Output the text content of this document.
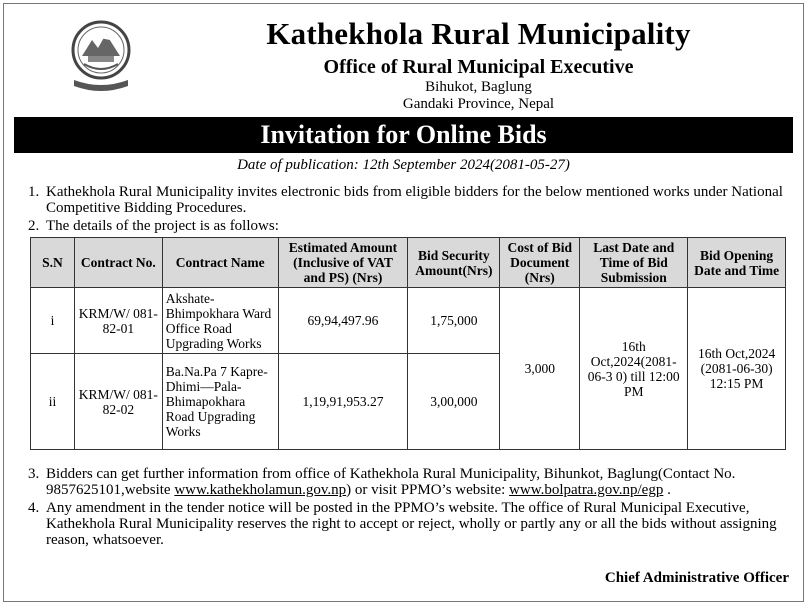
Kathekhola Rural Municipality
Office of Rural Municipal Executive
Bihukot, Baglung
Gandaki Province, Nepal
Invitation for Online Bids
Date of publication: 12th September 2024(2081-05-27)
1. Kathekhola Rural Municipality invites electronic bids from eligible bidders for the below mentioned works under National Competitive Bidding Procedures.
2. The details of the project is as follows:
S.N	Contract No.	Contract Name	Estimated Amount (Inclusive of VAT and PS) (Nrs)	Bid Security Amount(Nrs)	Cost of Bid Document (Nrs)	Last Date and Time of Bid Submission	Bid Opening Date and Time
i	KRM/W/ 081-82-01	Akshate-Bhimpokhara Ward Office Road Upgrading Works	69,94,497.96	1,75,000	3,000	16th Oct,2024(2081-06-3 0) till 12:00 PM	16th Oct,2024 (2081-06-30) 12:15 PM
ii	KRM/W/ 081-82-02	Ba.Na.Pa 7 Kapre-Dhimi—Pala-Bhimapokhara Road Upgrading Works	1,19,91,953.27	3,00,000			
3. Bidders can get further information from office of Kathekhola Rural Municipality, Bihunkot, Baglung(Contact No. 9857625101,website www.kathekholamun.gov.np) or visit PPMO’s website: www.bolpatra.gov.np/egp .
4. Any amendment in the tender notice will be posted in the PPMO’s website. The office of Rural Municipal Executive, Kathekhola Rural Municipality reserves the right to accept or reject, wholly or partly any or all the bids without assigning reason, whatsoever.
Chief Administrative Officer
